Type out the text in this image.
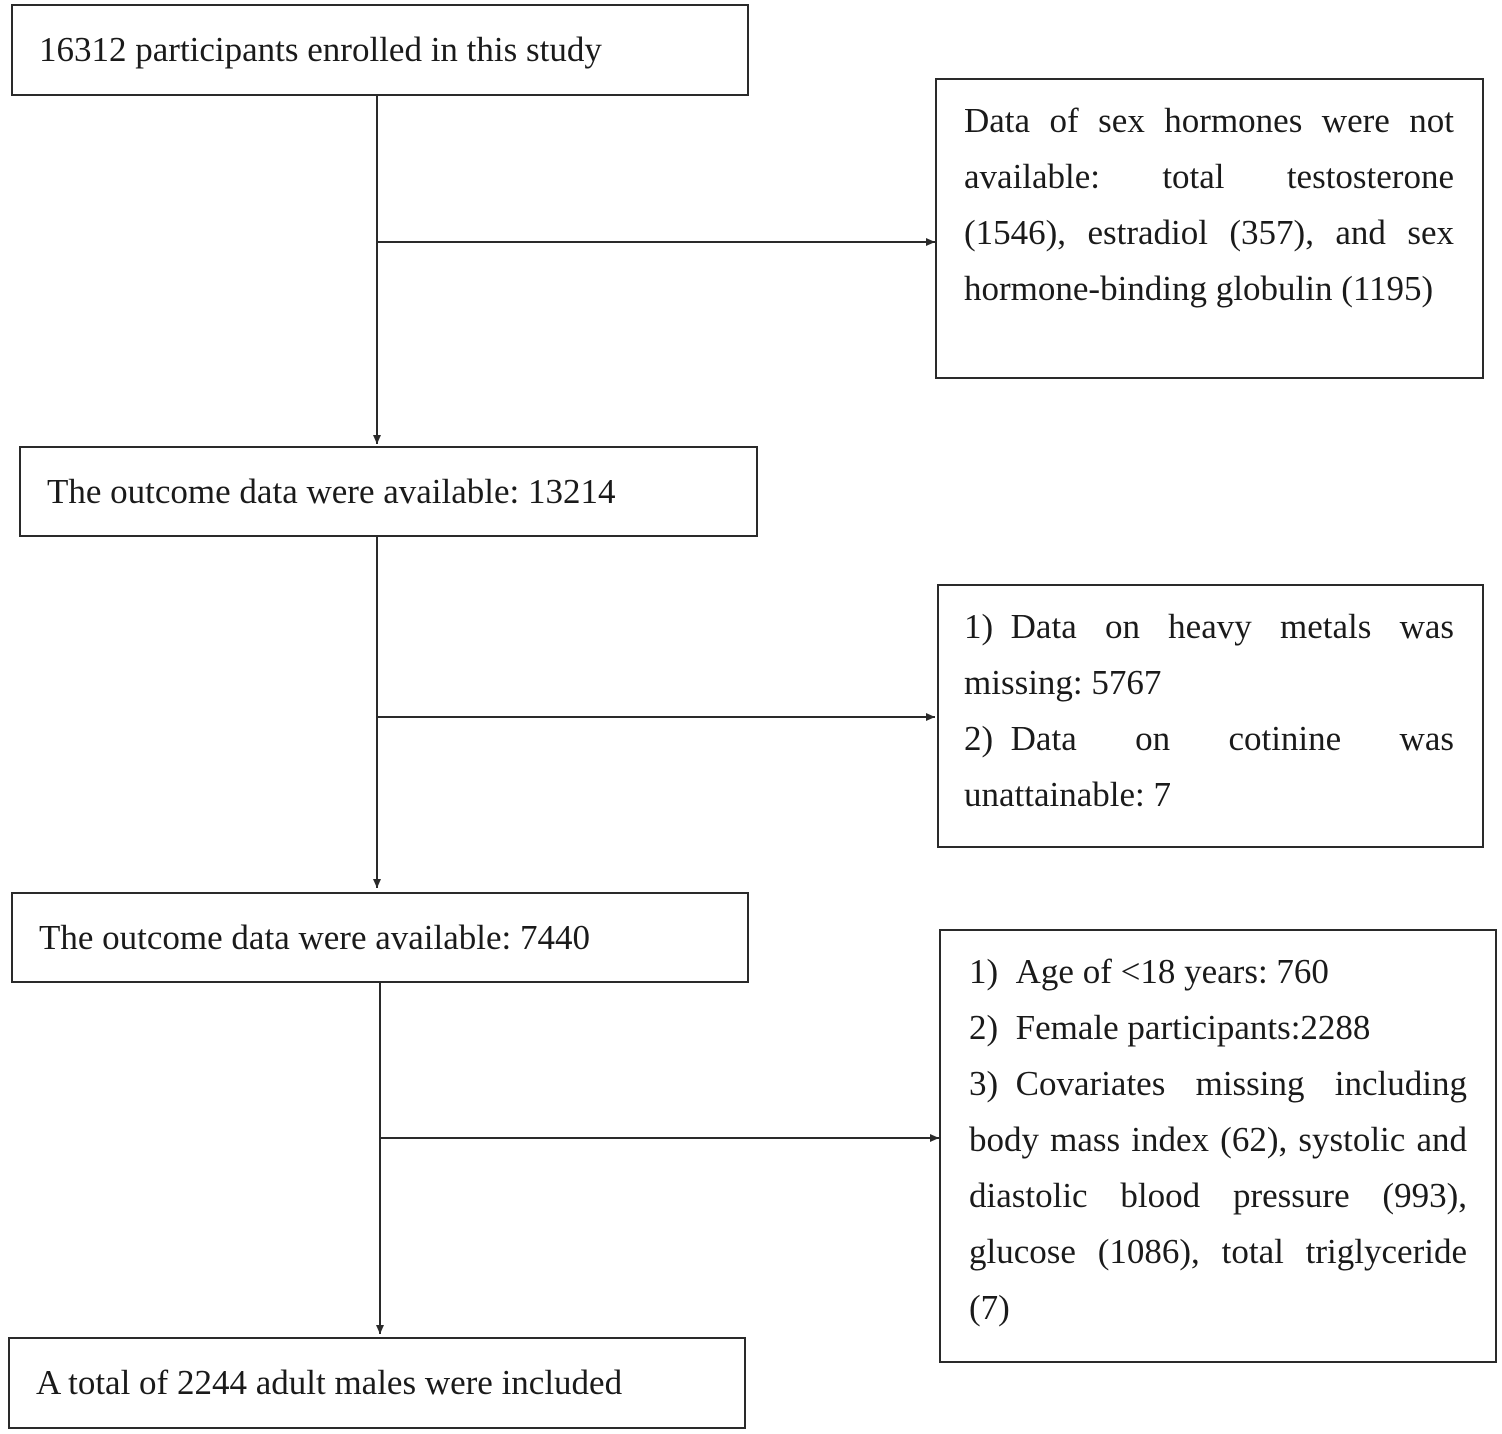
16312 participants enrolled in this study
The outcome data were available: 13214
The outcome data were available: 7440
A total of 2244 adult males were included
Data of sex hormones were not available: total testosterone (1546), estradiol (357), and sex hormone-binding globulin (1195)
1) Data on heavy metals was missing: 5767
2) Data on cotinine was unattainable: 7
1) Age of <18 years: 760
2) Female participants:2288
3) Covariates missing including body mass index (62), systolic and diastolic blood pressure (993), glucose (1086), total triglyceride (7)
